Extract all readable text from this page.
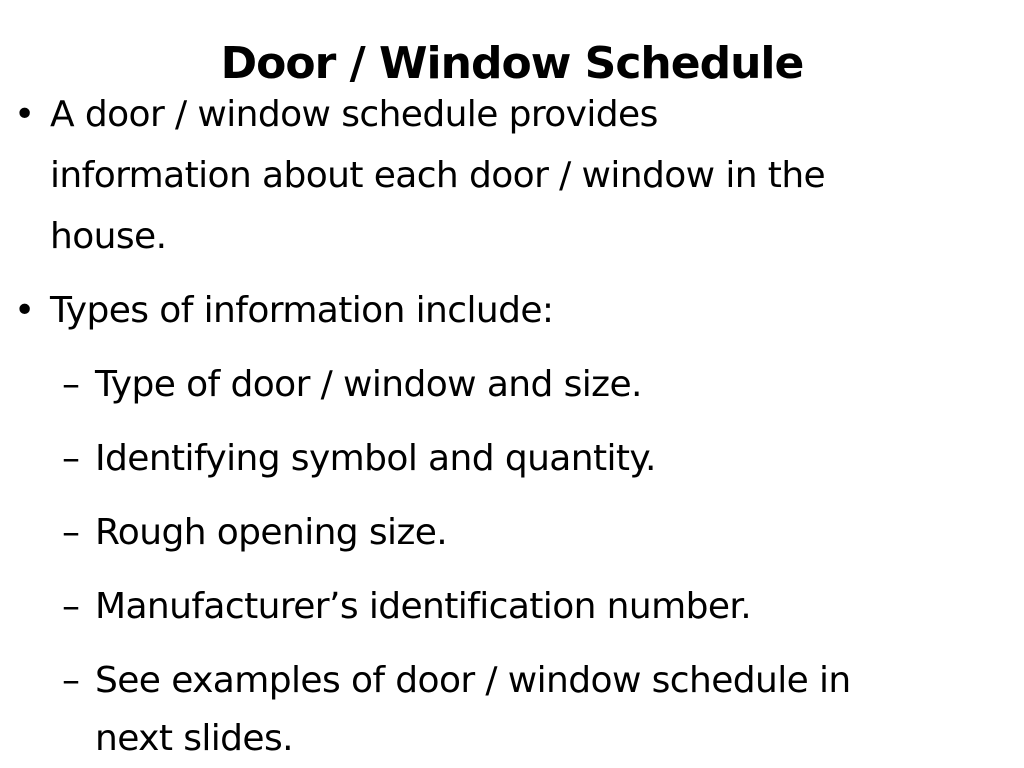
Door / Window Schedule
• A door / window schedule provides
information about each door / window in the
house.
• Types of information include:
– Type of door / window and size.
– Identifying symbol and quantity.
– Rough opening size.
– Manufacturer’s identification number.
– See examples of door / window schedule in
next slides.
